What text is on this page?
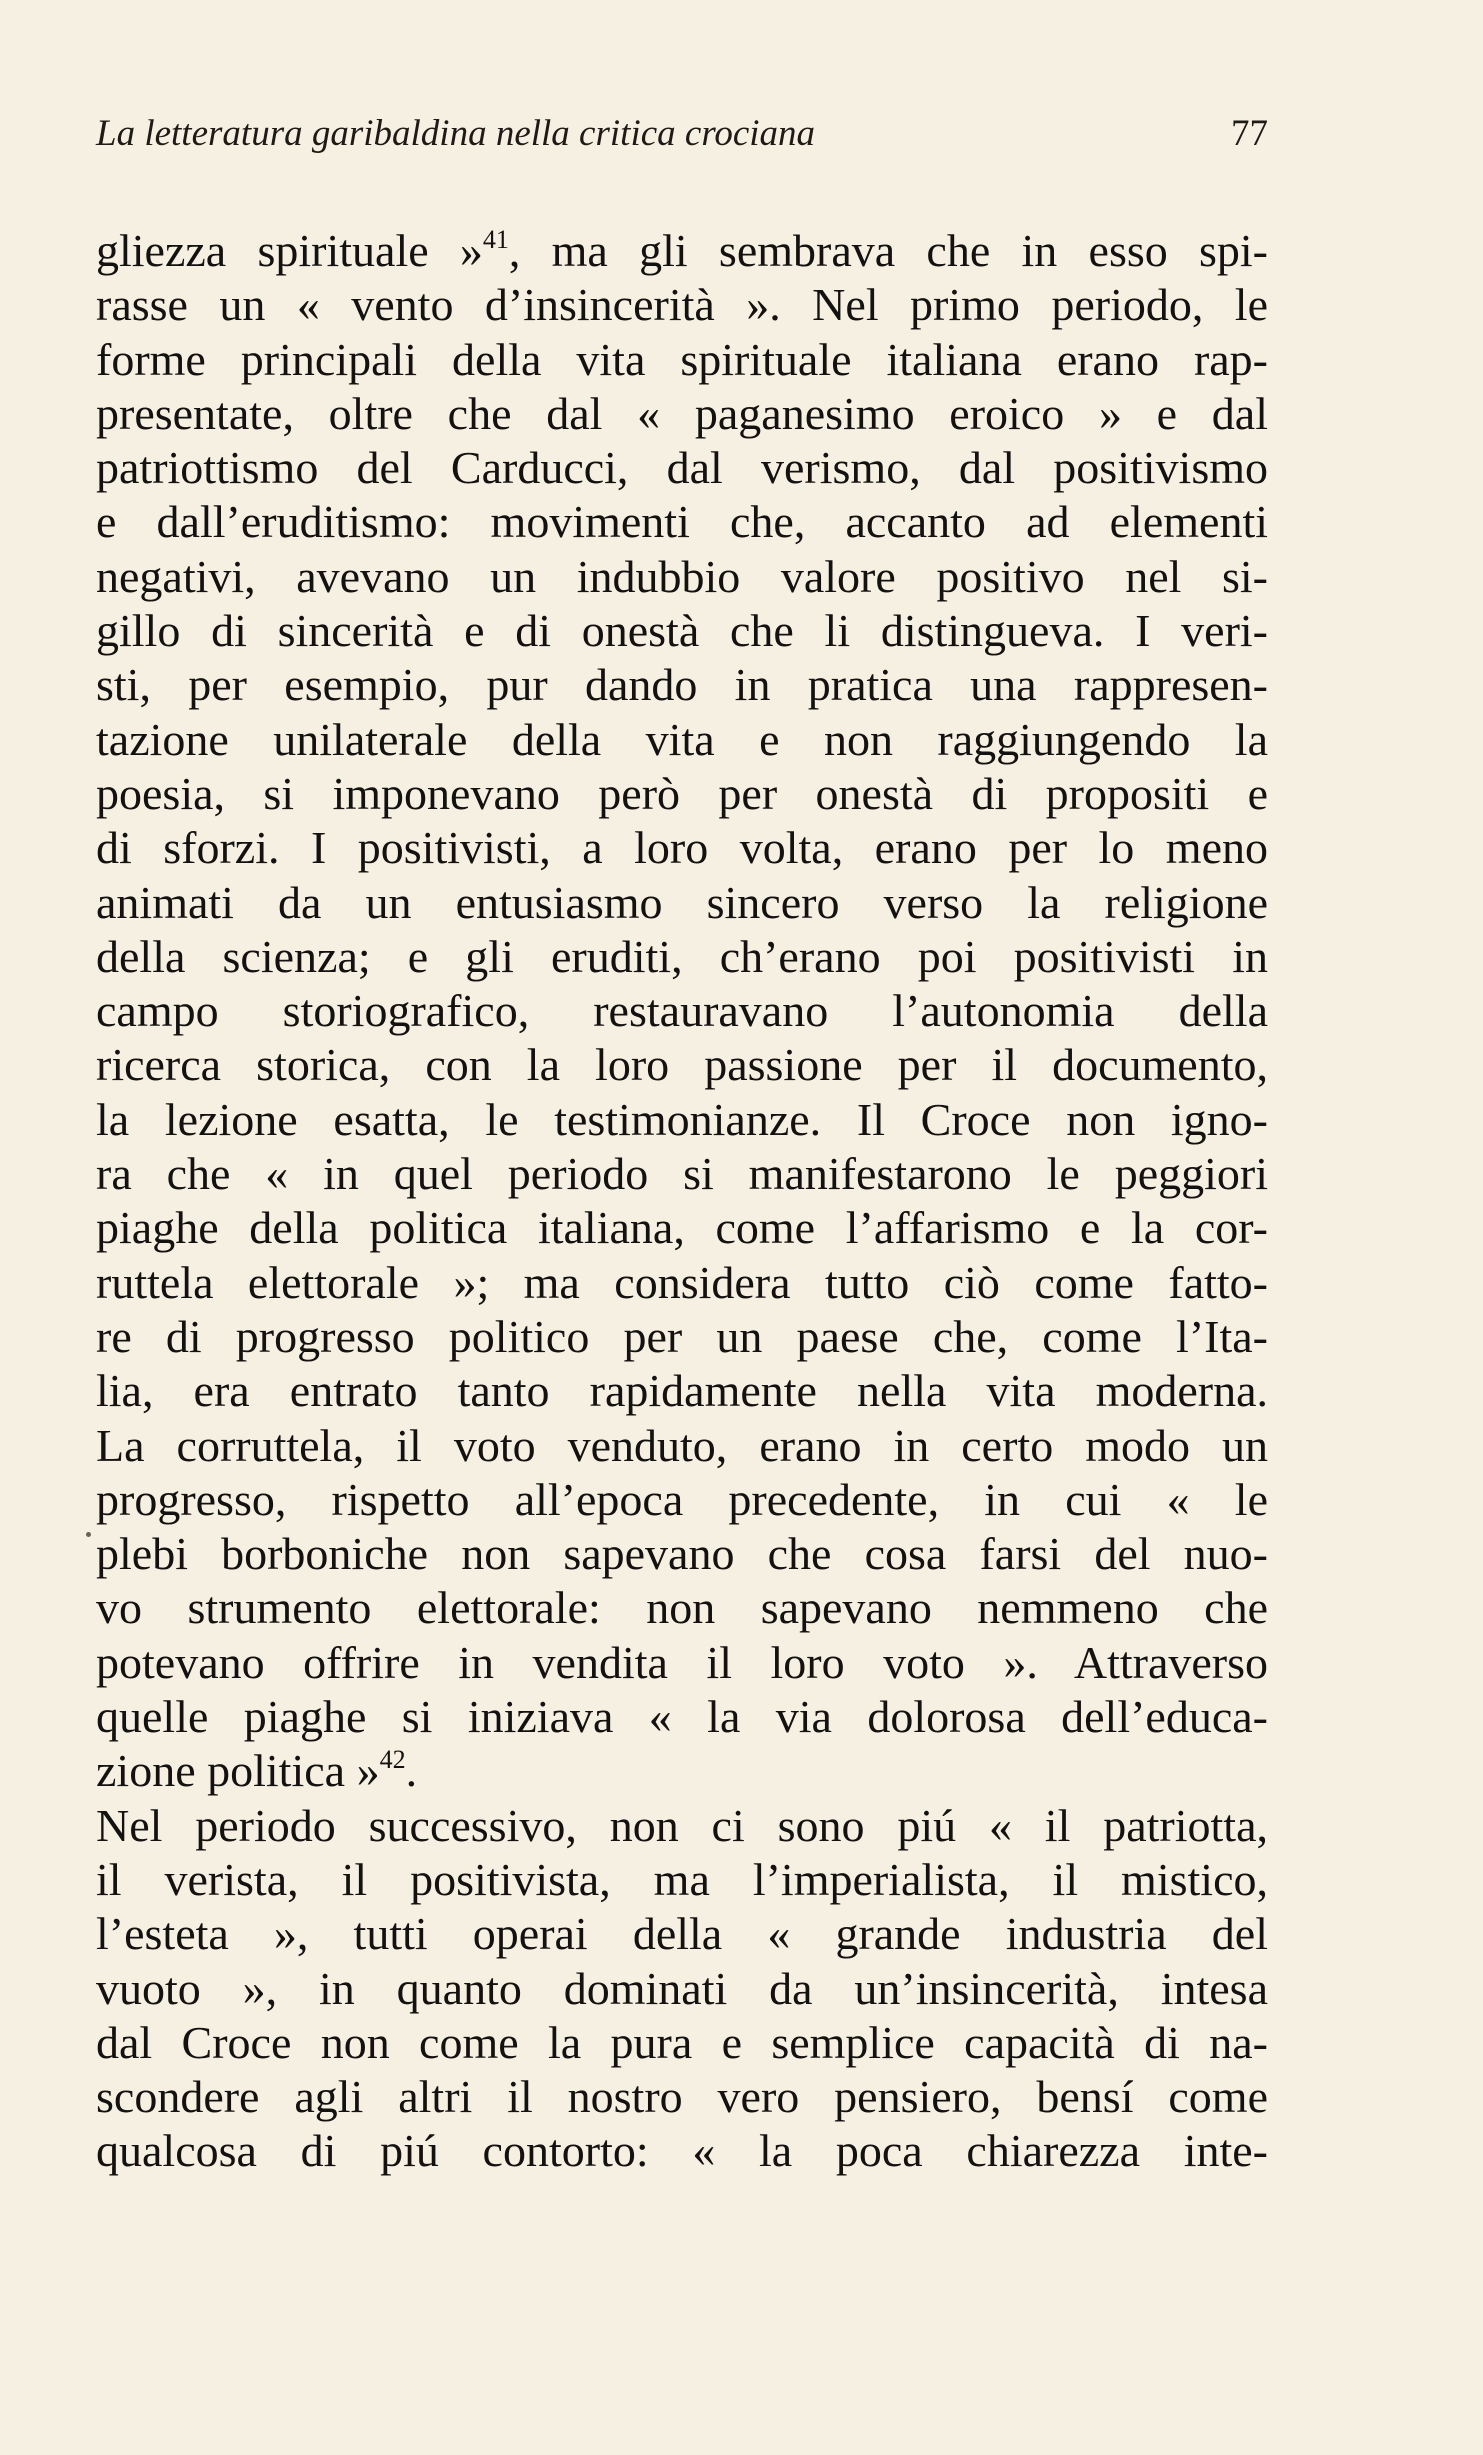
La letteratura garibaldina nella critica crociana	77
gliezza spirituale »$^{41}$, ma gli sembrava che in esso spi-
rasse un « vento d’insincerità ». Nel primo periodo, le
forme principali della vita spirituale italiana erano rap-
presentate, oltre che dal « paganesimo eroico » e dal
patriottismo del Carducci, dal verismo, dal positivismo
e dall’eruditismo: movimenti che, accanto ad elementi
negativi, avevano un indubbio valore positivo nel si-
gillo di sincerità e di onestà che li distingueva. I veri-
sti, per esempio, pur dando in pratica una rappresen-
tazione unilaterale della vita e non raggiungendo la
poesia, si imponevano però per onestà di propositi e
di sforzi. I positivisti, a loro volta, erano per lo meno
animati da un entusiasmo sincero verso la religione
della scienza; e gli eruditi, ch’erano poi positivisti in
campo storiografico, restauravano l’autonomia della
ricerca storica, con la loro passione per il documento,
la lezione esatta, le testimonianze. Il Croce non igno-
ra che « in quel periodo si manifestarono le peggiori
piaghe della politica italiana, come l’affarismo e la cor-
ruttela elettorale »; ma considera tutto ciò come fatto-
re di progresso politico per un paese che, come l’Ita-
lia, era entrato tanto rapidamente nella vita moderna.
La corruttela, il voto venduto, erano in certo modo un
progresso, rispetto all’epoca precedente, in cui « le
plebi borboniche non sapevano che cosa farsi del nuo-
vo strumento elettorale: non sapevano nemmeno che
potevano offrire in vendita il loro voto ». Attraverso
quelle piaghe si iniziava « la via dolorosa dell’educa-
zione politica »$^{42}$.
Nel periodo successivo, non ci sono piú « il patriotta,
il verista, il positivista, ma l’imperialista, il mistico,
l’esteta », tutti operai della « grande industria del
vuoto », in quanto dominati da un’insincerità, intesa
dal Croce non come la pura e semplice capacità di na-
scondere agli altri il nostro vero pensiero, bensí come
qualcosa di piú contorto: « la poca chiarezza inte-
